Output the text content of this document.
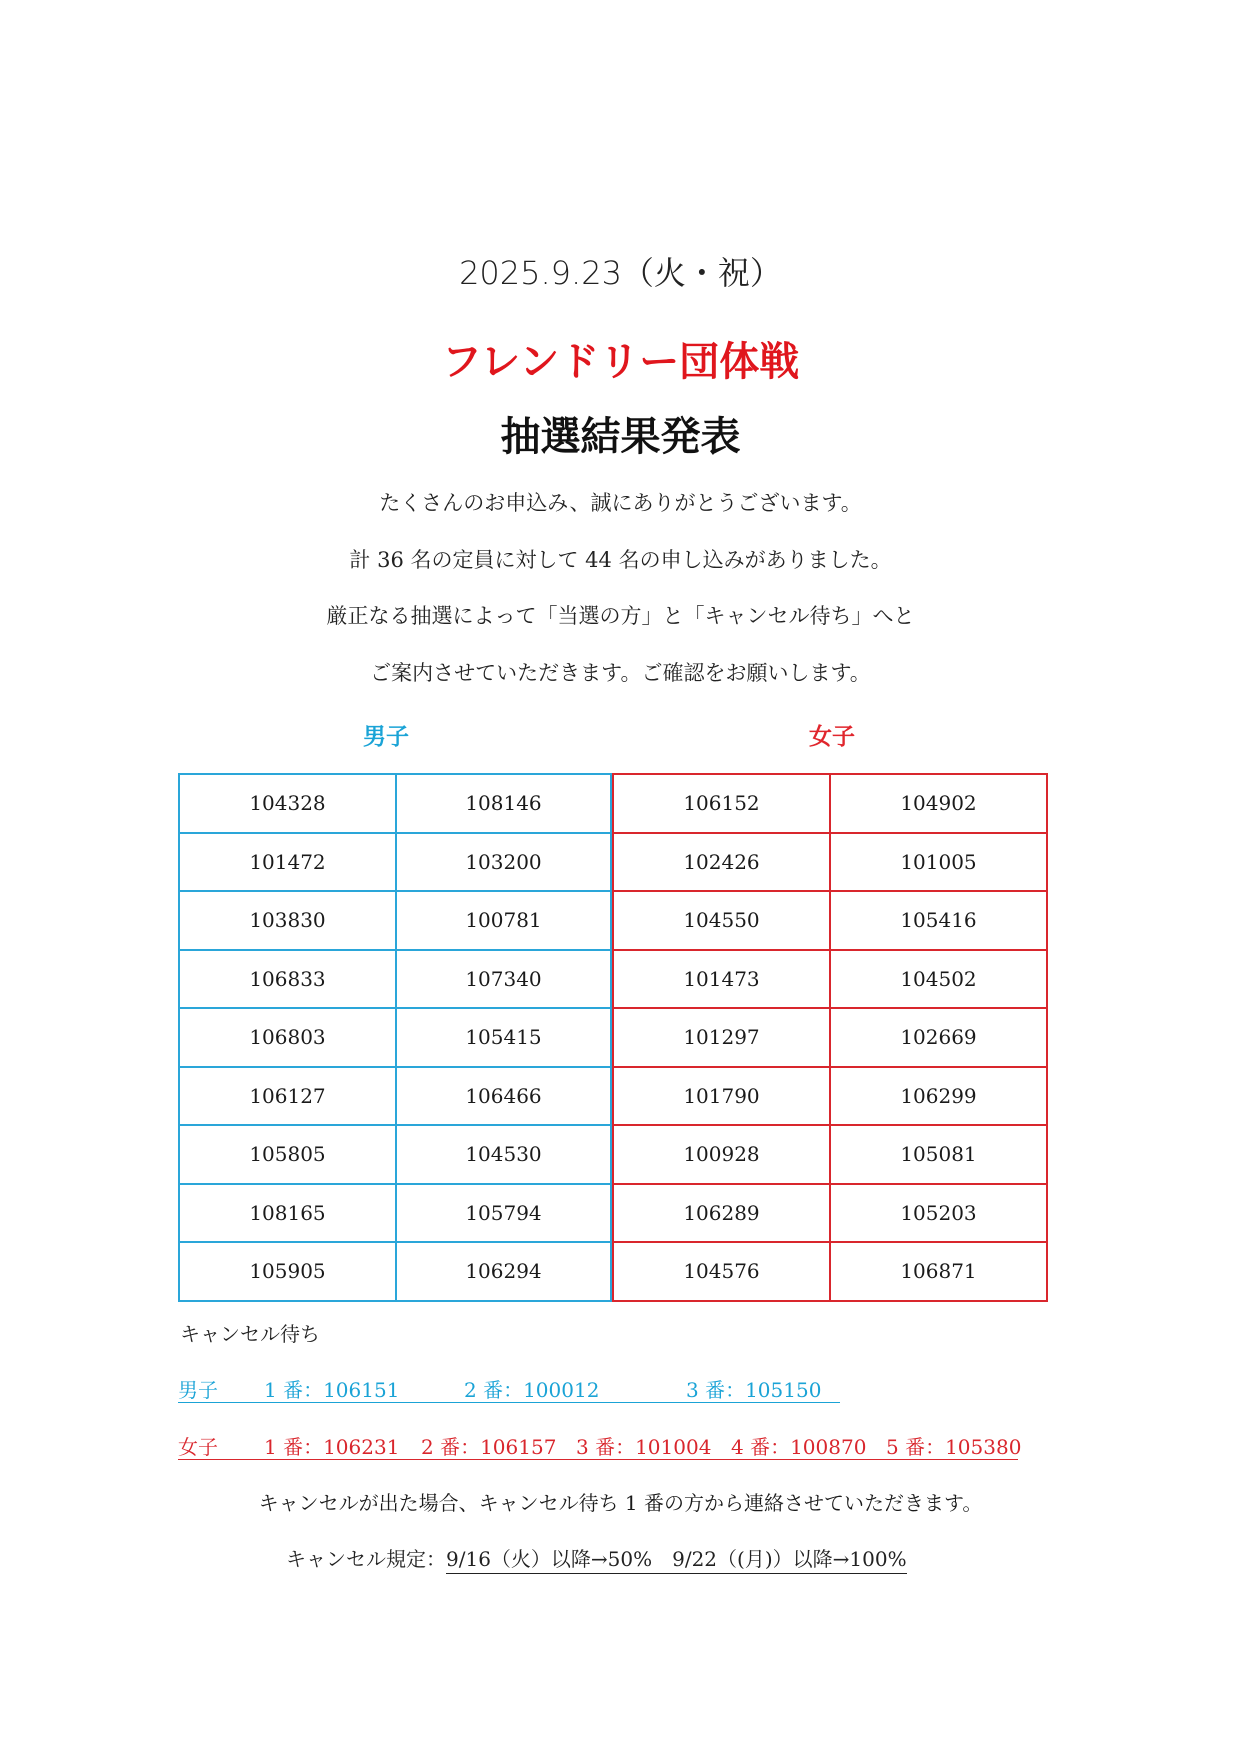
2025.9.23（火・祝）
フレンドリー団体戦
抽選結果発表
たくさんのお申込み、誠にありがとうございます。
計 36 名の定員に対して 44 名の申し込みがありました。
厳正なる抽選によって「当選の方」と「キャンセル待ち」へと
ご案内させていただきます。ご確認をお願いします。
男子	女子
104328	108146	106152	104902
101472	103200	102426	101005
103830	100781	104550	105416
106833	107340	101473	104502
106803	105415	101297	102669
106127	106466	101790	106299
105805	104530	100928	105081
108165	105794	106289	105203
105905	106294	104576	106871
キャンセル待ち
男子 1 番：106151	2 番：100012	3 番：105150
女子 1 番：106231 2 番：106157 3 番：101004 4 番：100870 5 番：105380
キャンセルが出た場合、キャンセル待ち 1 番の方から連絡させていただきます。
キャンセル規定：9/16（火）以降→50%　9/22（(月)）以降→100%
